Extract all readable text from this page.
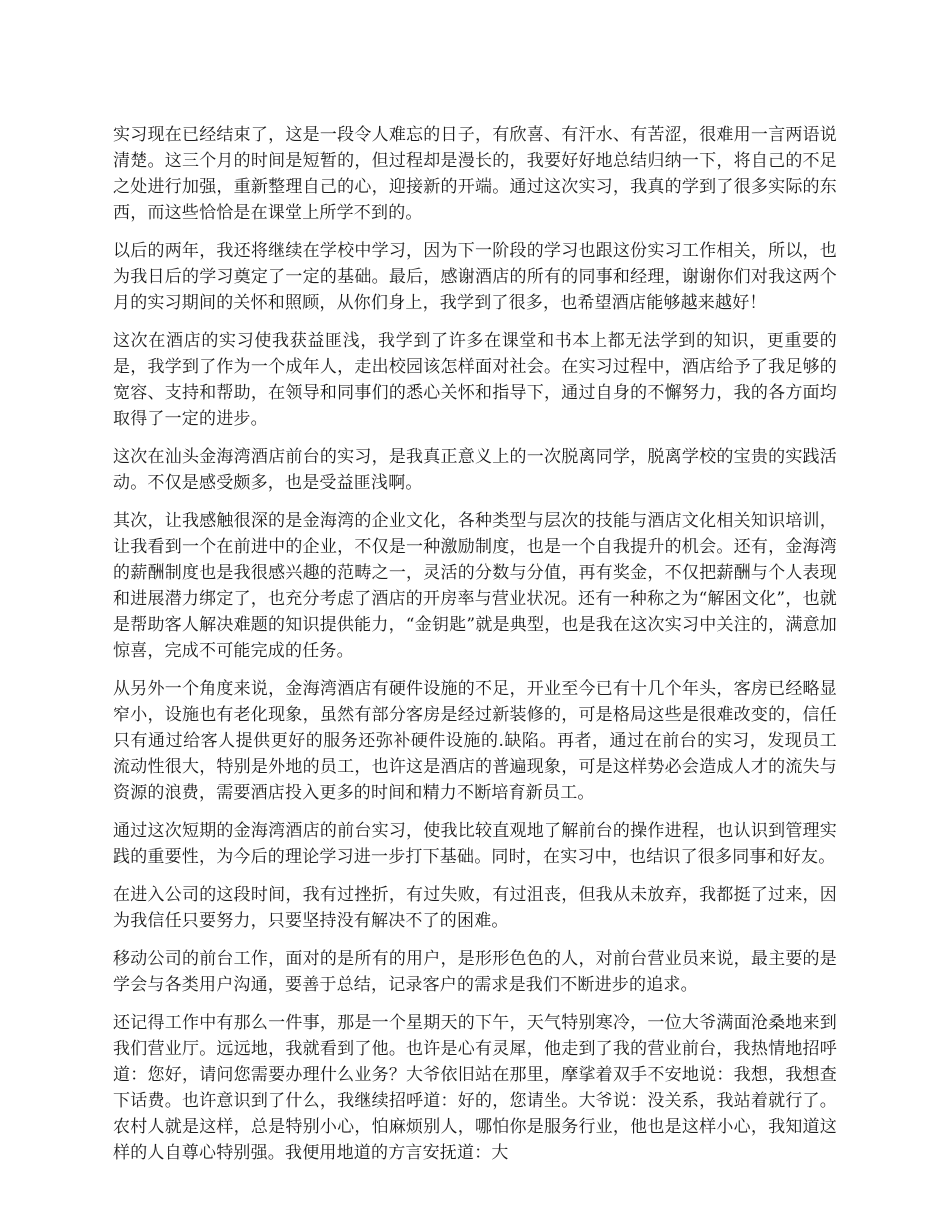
实习现在已经结束了，这是一段令人难忘的日子，有欣喜、有汗水、有苦涩，很难用一言两语说清楚。这三个月的时间是短暂的，但过程却是漫长的，我要好好地总结归纳一下，将自己的不足之处进行加强，重新整理自己的心，迎接新的开端。通过这次实习，我真的学到了很多实际的东西，而这些恰恰是在课堂上所学不到的。

以后的两年，我还将继续在学校中学习，因为下一阶段的学习也跟这份实习工作相关，所以，也为我日后的学习奠定了一定的基础。最后，感谢酒店的所有的同事和经理，谢谢你们对我这两个月的实习期间的关怀和照顾，从你们身上，我学到了很多，也希望酒店能够越来越好！

这次在酒店的实习使我获益匪浅，我学到了许多在课堂和书本上都无法学到的知识，更重要的是，我学到了作为一个成年人，走出校园该怎样面对社会。在实习过程中，酒店给予了我足够的宽容、支持和帮助，在领导和同事们的悉心关怀和指导下，通过自身的不懈努力，我的各方面均取得了一定的进步。

这次在汕头金海湾酒店前台的实习，是我真正意义上的一次脱离同学，脱离学校的宝贵的实践活动。不仅是感受颇多，也是受益匪浅啊。

其次，让我感触很深的是金海湾的企业文化，各种类型与层次的技能与酒店文化相关知识培训，让我看到一个在前进中的企业，不仅是一种激励制度，也是一个自我提升的机会。还有，金海湾的薪酬制度也是我很感兴趣的范畴之一，灵活的分数与分值，再有奖金，不仅把薪酬与个人表现和进展潜力绑定了，也充分考虑了酒店的开房率与营业状况。还有一种称之为“解困文化”，也就是帮助客人解决难题的知识提供能力，“金钥匙”就是典型，也是我在这次实习中关注的，满意加惊喜，完成不可能完成的任务。

从另外一个角度来说，金海湾酒店有硬件设施的不足，开业至今已有十几个年头，客房已经略显窄小，设施也有老化现象，虽然有部分客房是经过新装修的，可是格局这些是很难改变的，信任只有通过给客人提供更好的服务还弥补硬件设施的.缺陷。再者，通过在前台的实习，发现员工流动性很大，特别是外地的员工，也许这是酒店的普遍现象，可是这样势必会造成人才的流失与资源的浪费，需要酒店投入更多的时间和精力不断培育新员工。

通过这次短期的金海湾酒店的前台实习，使我比较直观地了解前台的操作进程，也认识到管理实践的重要性，为今后的理论学习进一步打下基础。同时，在实习中，也结识了很多同事和好友。

在进入公司的这段时间，我有过挫折，有过失败，有过沮丧，但我从未放弃，我都挺了过来，因为我信任只要努力，只要坚持没有解决不了的困难。

移动公司的前台工作，面对的是所有的用户，是形形色色的人，对前台营业员来说，最主要的是学会与各类用户沟通，要善于总结，记录客户的需求是我们不断进步的追求。

还记得工作中有那么一件事，那是一个星期天的下午，天气特别寒冷，一位大爷满面沧桑地来到我们营业厅。远远地，我就看到了他。也许是心有灵犀，他走到了我的营业前台，我热情地招呼道：您好，请问您需要办理什么业务？大爷依旧站在那里，摩挲着双手不安地说：我想，我想查下话费。也许意识到了什么，我继续招呼道：好的，您请坐。大爷说：没关系，我站着就行了。农村人就是这样，总是特别小心，怕麻烦别人，哪怕你是服务行业，他也是这样小心，我知道这样的人自尊心特别强。我便用地道的方言安抚道：大
